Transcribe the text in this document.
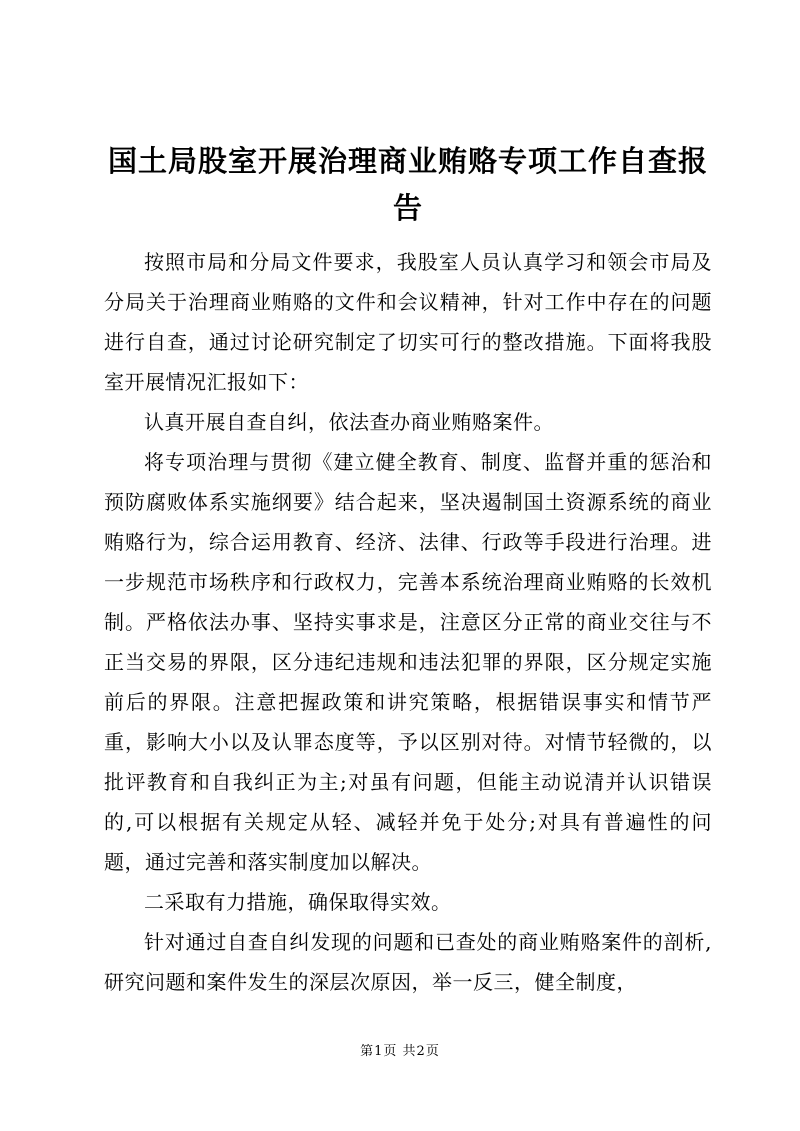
国土局股室开展治理商业贿赂专项工作自查报告

按照市局和分局文件要求，我股室人员认真学习和领会市局及分局关于治理商业贿赂的文件和会议精神，针对工作中存在的问题进行自查，通过讨论研究制定了切实可行的整改措施。下面将我股室开展情况汇报如下：

认真开展自查自纠，依法查办商业贿赂案件。

将专项治理与贯彻《建立健全教育、制度、监督并重的惩治和预防腐败体系实施纲要》结合起来，坚决遏制国土资源系统的商业贿赂行为，综合运用教育、经济、法律、行政等手段进行治理。进一步规范市场秩序和行政权力，完善本系统治理商业贿赂的长效机制。严格依法办事、坚持实事求是，注意区分正常的商业交往与不正当交易的界限，区分违纪违规和违法犯罪的界限，区分规定实施前后的界限。注意把握政策和讲究策略，根据错误事实和情节严重，影响大小以及认罪态度等，予以区别对待。对情节轻微的，以批评教育和自我纠正为主;对虽有问题，但能主动说清并认识错误的,可以根据有关规定从轻、减轻并免于处分;对具有普遍性的问题，通过完善和落实制度加以解决。

二采取有力措施，确保取得实效。

针对通过自查自纠发现的问题和已查处的商业贿赂案件的剖析,研究问题和案件发生的深层次原因，举一反三，健全制度，

第1页 共2页
